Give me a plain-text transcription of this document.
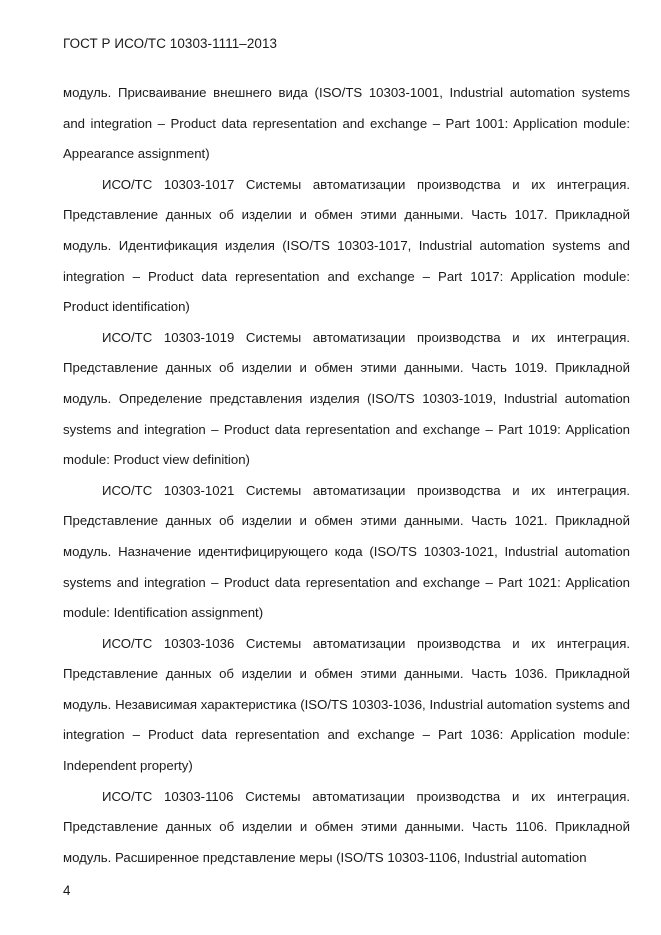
ГОСТ Р ИСО/ТС 10303-1111–2013

модуль. Присваивание внешнего вида (ISO/TS 10303-1001, Industrial automation systems and integration – Product data representation and exchange – Part 1001: Application module: Appearance assignment)

ИСО/ТС 10303-1017 Системы автоматизации производства и их интеграция. Представление данных об изделии и обмен этими данными. Часть 1017. Прикладной модуль. Идентификация изделия (ISO/TS 10303-1017, Industrial automation systems and integration – Product data representation and exchange – Part 1017: Application module: Product identification)

ИСО/ТС 10303-1019 Системы автоматизации производства и их интеграция. Представление данных об изделии и обмен этими данными. Часть 1019. Прикладной модуль. Определение представления изделия (ISO/TS 10303-1019, Industrial automation systems and integration – Product data representation and exchange – Part 1019: Application module: Product view definition)

ИСО/ТС 10303-1021 Системы автоматизации производства и их интеграция. Представление данных об изделии и обмен этими данными. Часть 1021. Прикладной модуль. Назначение идентифицирующего кода (ISO/TS 10303-1021, Industrial automation systems and integration – Product data representation and exchange – Part 1021: Application module: Identification assignment)

ИСО/ТС 10303-1036 Системы автоматизации производства и их интеграция. Представление данных об изделии и обмен этими данными. Часть 1036. Прикладной модуль. Независимая характеристика (ISO/TS 10303-1036, Industrial automation systems and integration – Product data representation and exchange – Part 1036: Application module: Independent property)

ИСО/ТС 10303-1106 Системы автоматизации производства и их интеграция. Представление данных об изделии и обмен этими данными. Часть 1106. Прикладной модуль. Расширенное представление меры (ISO/TS 10303-1106, Industrial automation

4
